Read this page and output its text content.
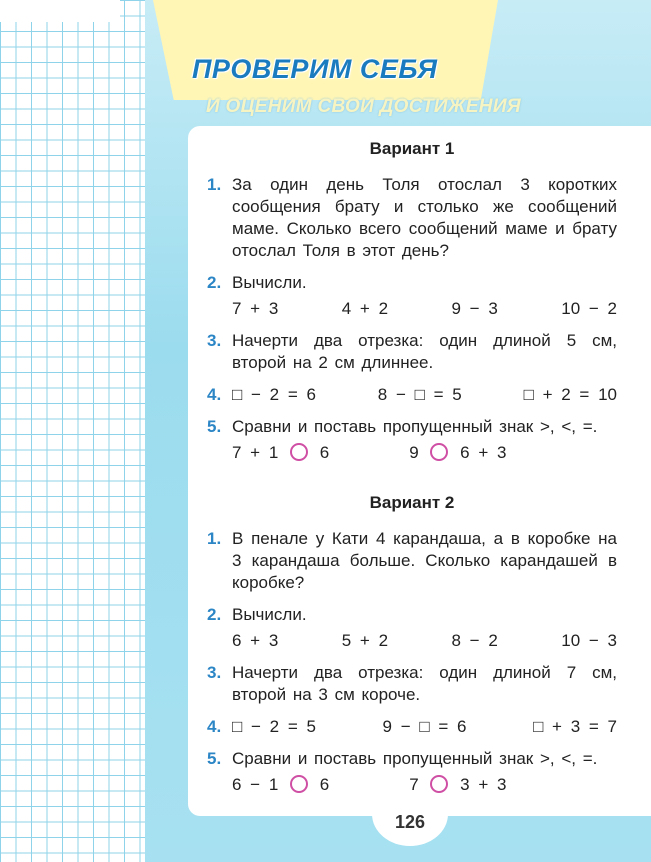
ПРОВЕРИМ СЕБЯ
И ОЦЕНИМ СВОИ ДОСТИЖЕНИЯ
Вариант 1
1. За один день Толя отослал 3 коротких сообщения брату и столько же сообщений маме. Сколько всего сообщений маме и брату отослал Толя в этот день?
2. Вычисли.
7 + 3	4 + 2	9 − 3	10 − 2
3. Начерти два отрезка: один длиной 5 см, второй на 2 см длиннее.
4. □ − 2 = 6	8 − □ = 5	□ + 2 = 10
5. Сравни и поставь пропущенный знак >, <, =.
7 + 1 6	9 6 + 3
Вариант 2
1. В пенале у Кати 4 карандаша, а в коробке на 3 карандаша больше. Сколько карандашей в коробке?
2. Вычисли.
6 + 3	5 + 2	8 − 2	10 − 3
3. Начерти два отрезка: один длиной 7 см, второй на 3 см короче.
4. □ − 2 = 5	9 − □ = 6	□ + 3 = 7
5. Сравни и поставь пропущенный знак >, <, =.
6 − 1 6	7 3 + 3
126
